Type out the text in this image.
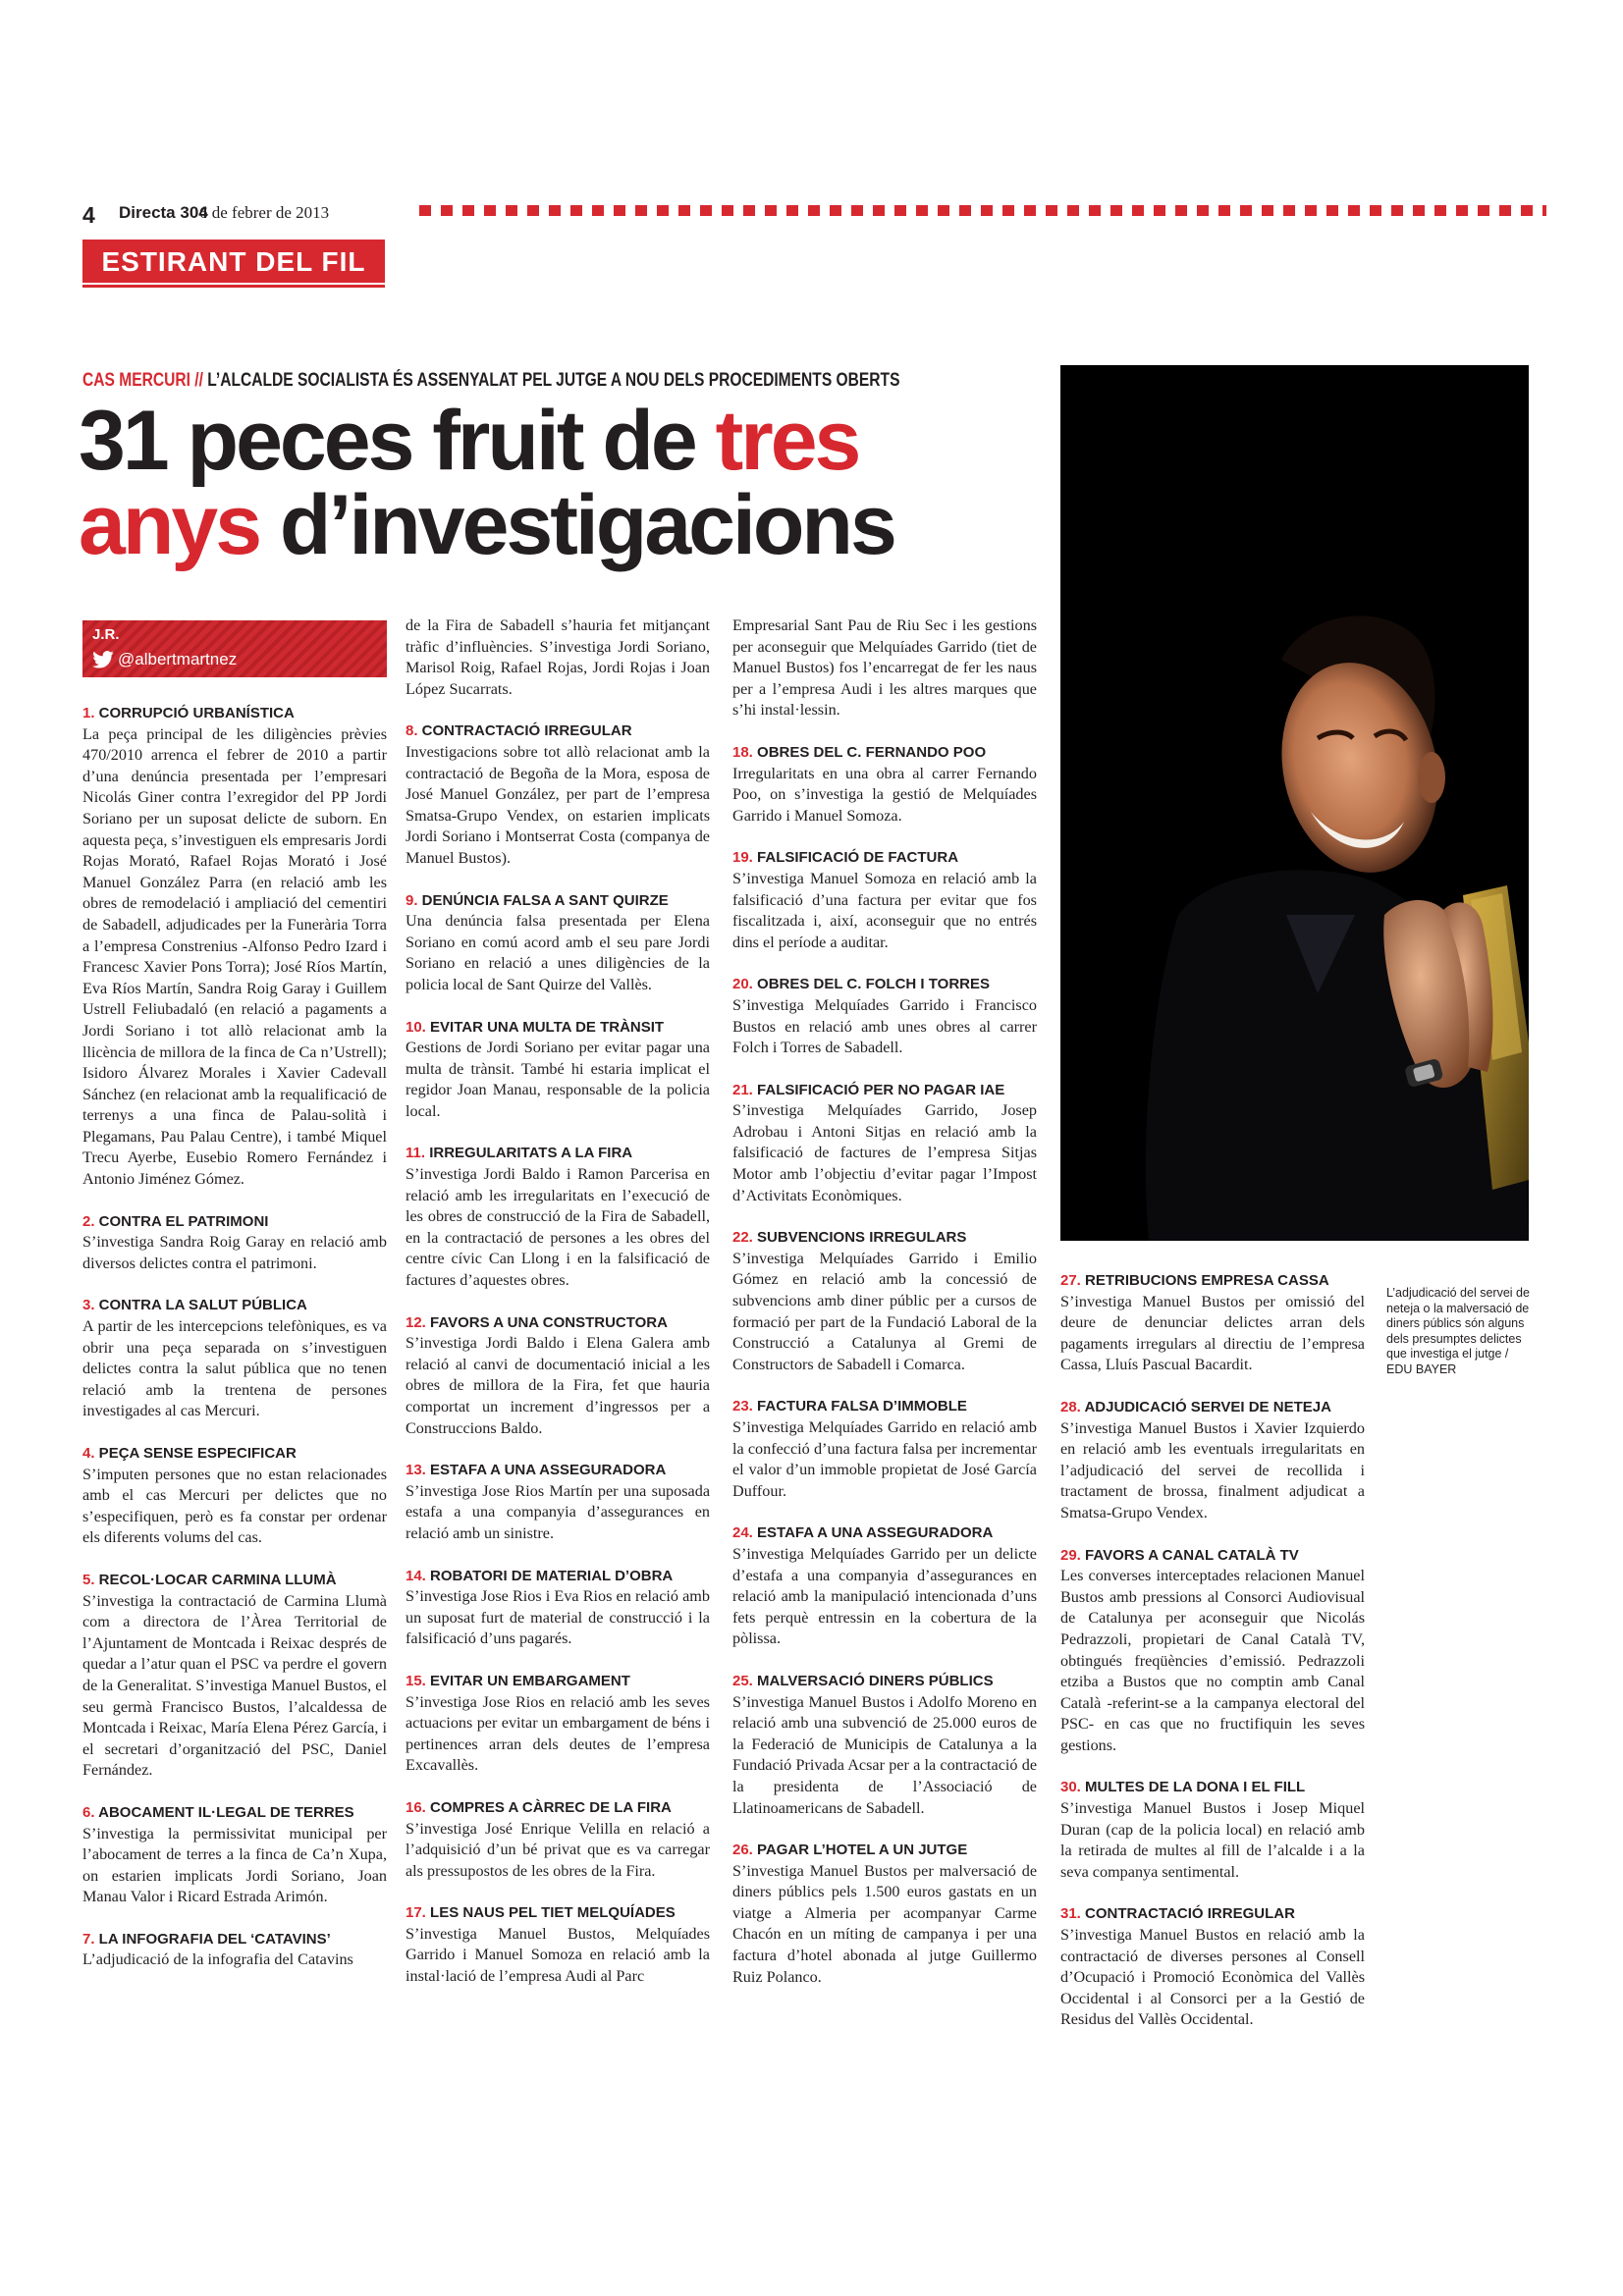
4 Directa 304
6 de febrer de 2013
ESTIRANT DEL FIL
CAS MERCURI // L’ALCALDE SOCIALISTA ÉS ASSENYALAT PEL JUTGE A NOU DELS PROCEDIMENTS OBERTS
31 peces fruit de tres
anys d’investigacions
J.R.
@albertmartnez
1. CORRUPCIÓ URBANÍSTICA

La peça principal de les diligències prèvies 470/2010 arrenca el febrer de 2010 a partir d’una denúncia presentada per l’empresari Nicolás Giner contra l’exregidor del PP Jordi Soriano per un suposat delicte de suborn. En aquesta peça, s’investiguen els empresaris Jordi Rojas Morató, Rafael Rojas Morató i José Manuel González Parra (en relació amb les obres de remodelació i ampliació del cementiri de Sabadell, adjudicades per la Funerària Torra a l’empresa Constrenius -Alfonso Pedro Izard i Francesc Xavier Pons Torra); José Ríos Martín, Eva Ríos Martín, Sandra Roig Garay i Guillem Ustrell Feliubadaló (en relació a pagaments a Jordi Soriano i tot allò relacionat amb la llicència de millora de la finca de Ca n’Ustrell); Isidoro Álvarez Morales i Xavier Cadevall Sánchez (en relacionat amb la requalificació de terrenys a una finca de Palau-solità i Plegamans, Pau Palau Centre), i també Miquel Trecu Ayerbe, Eusebio Romero Fernández i Antonio Jiménez Gómez.

2. CONTRA EL PATRIMONI

S’investiga Sandra Roig Garay en relació amb diversos delictes contra el patrimoni.

3. CONTRA LA SALUT PÚBLICA

A partir de les intercepcions telefòniques, es va obrir una peça separada on s’investiguen delictes contra la salut pública que no tenen relació amb la trentena de persones investigades al cas Mercuri.

4. PEÇA SENSE ESPECIFICAR

S’imputen persones que no estan relacionades amb el cas Mercuri per delictes que no s’especifiquen, però es fa constar per ordenar els diferents volums del cas.

5. RECOL·LOCAR CARMINA LLUMÀ

S’investiga la contractació de Carmina Llumà com a directora de l’Àrea Territorial de l’Ajuntament de Montcada i Reixac després de quedar a l’atur quan el PSC va perdre el govern de la Generalitat. S’investiga Manuel Bustos, el seu germà Francisco Bustos, l’alcaldessa de Montcada i Reixac, María Elena Pérez García, i el secretari d’organització del PSC, Daniel Fernández.

6. ABOCAMENT IL·LEGAL DE TERRES

S’investiga la permissivitat municipal per l’abocament de terres a la finca de Ca’n Xupa, on estarien implicats Jordi Soriano, Joan Manau Valor i Ricard Estrada Arimón.

7. LA INFOGRAFIA DEL ‘CATAVINS’

L’adjudicació de la infografia del Catavins

de la Fira de Sabadell s’hauria fet mitjançant tràfic d’influències. S’investiga Jordi Soriano, Marisol Roig, Rafael Rojas, Jordi Rojas i Joan López Sucarrats.

8. CONTRACTACIÓ IRREGULAR

Investigacions sobre tot allò relacionat amb la contractació de Begoña de la Mora, esposa de José Manuel González, per part de l’empresa Smatsa-Grupo Vendex, on estarien implicats Jordi Soriano i Montserrat Costa (companya de Manuel Bustos).

9. DENÚNCIA FALSA A SANT QUIRZE

Una denúncia falsa presentada per Elena Soriano en comú acord amb el seu pare Jordi Soriano en relació a unes diligències de la policia local de Sant Quirze del Vallès.

10. EVITAR UNA MULTA DE TRÀNSIT

Gestions de Jordi Soriano per evitar pagar una multa de trànsit. També hi estaria implicat el regidor Joan Manau, responsable de la policia local.

11. IRREGULARITATS A LA FIRA

S’investiga Jordi Baldo i Ramon Parcerisa en relació amb les irregularitats en l’execució de les obres de construcció de la Fira de Sabadell, en la contractació de persones a les obres del centre cívic Can Llong i en la falsificació de factures d’aquestes obres.

12. FAVORS A UNA CONSTRUCTORA

S’investiga Jordi Baldo i Elena Galera amb relació al canvi de documentació inicial a les obres de millora de la Fira, fet que hauria comportat un increment d’ingressos per a Construccions Baldo.

13. ESTAFA A UNA ASSEGURADORA

S’investiga Jose Rios Martín per una suposada estafa a una companyia d’assegurances en relació amb un sinistre.

14. ROBATORI DE MATERIAL D’OBRA

S’investiga Jose Rios i Eva Rios en relació amb un suposat furt de material de construcció i la falsificació d’uns pagarés.

15. EVITAR UN EMBARGAMENT

S’investiga Jose Rios en relació amb les seves actuacions per evitar un embargament de béns i pertinences arran dels deutes de l’empresa Excavallès.

16. COMPRES A CÀRREC DE LA FIRA

S’investiga José Enrique Velilla en relació a l’adquisició d’un bé privat que es va carregar als pressupostos de les obres de la Fira.

17. LES NAUS PEL TIET MELQUÍADES

S’investiga Manuel Bustos, Melquíades Garrido i Manuel Somoza en relació amb la instal·lació de l’empresa Audi al Parc

Empresarial Sant Pau de Riu Sec i les gestions per aconseguir que Melquíades Garrido (tiet de Manuel Bustos) fos l’encarregat de fer les naus per a l’empresa Audi i les altres marques que s’hi instal·lessin.

18. OBRES DEL C. FERNANDO POO

Irregularitats en una obra al carrer Fernando Poo, on s’investiga la gestió de Melquíades Garrido i Manuel Somoza.

19. FALSIFICACIÓ DE FACTURA

S’investiga Manuel Somoza en relació amb la falsificació d’una factura per evitar que fos fiscalitzada i, així, aconseguir que no entrés dins el període a auditar.

20. OBRES DEL C. FOLCH I TORRES

S’investiga Melquíades Garrido i Francisco Bustos en relació amb unes obres al carrer Folch i Torres de Sabadell.

21. FALSIFICACIÓ PER NO PAGAR IAE

S’investiga Melquíades Garrido, Josep Adrobau i Antoni Sitjas en relació amb la falsificació de factures de l’empresa Sitjas Motor amb l’objectiu d’evitar pagar l’Impost d’Activitats Econòmiques.

22. SUBVENCIONS IRREGULARS

S’investiga Melquíades Garrido i Emilio Gómez en relació amb la concessió de subvencions amb diner públic per a cursos de formació per part de la Fundació Laboral de la Construcció a Catalunya al Gremi de Constructors de Sabadell i Comarca.

23. FACTURA FALSA D’IMMOBLE

S’investiga Melquíades Garrido en relació amb la confecció d’una factura falsa per incrementar el valor d’un immoble propietat de José García Duffour.

24. ESTAFA A UNA ASSEGURADORA

S’investiga Melquíades Garrido per un delicte d’estafa a una companyia d’assegurances en relació amb la manipulació intencionada d’uns fets perquè entressin en la cobertura de la pòlissa.

25. MALVERSACIÓ DINERS PÚBLICS

S’investiga Manuel Bustos i Adolfo Moreno en relació amb una subvenció de 25.000 euros de la Federació de Municipis de Catalunya a la Fundació Privada Acsar per a la contractació de la presidenta de l’Associació de Llatinoamericans de Sabadell.

26. PAGAR L’HOTEL A UN JUTGE

S’investiga Manuel Bustos per malversació de diners públics pels 1.500 euros gastats en un viatge a Almeria per acompanyar Carme Chacón en un míting de campanya i per una factura d’hotel abonada al jutge Guillermo Ruiz Polanco.

L’adjudicació del servei de neteja o la malversació de diners públics són alguns dels presumptes delictes que investiga el jutge / EDU BAYER
27. RETRIBUCIONS EMPRESA CASSA

S’investiga Manuel Bustos per omissió del deure de denunciar delictes arran dels pagaments irregulars al directiu de l’empresa Cassa, Lluís Pascual Bacardit.

28. ADJUDICACIÓ SERVEI DE NETEJA

S’investiga Manuel Bustos i Xavier Izquierdo en relació amb les eventuals irregularitats en l’adjudicació del servei de recollida i tractament de brossa, finalment adjudicat a Smatsa-Grupo Vendex.

29. FAVORS A CANAL CATALÀ TV

Les converses interceptades relacionen Manuel Bustos amb pressions al Consorci Audiovisual de Catalunya per aconseguir que Nicolás Pedrazzoli, propietari de Canal Català TV, obtingués freqüències d’emissió. Pedrazzoli etziba a Bustos que no comptin amb Canal Català -referint-se a la campanya electoral del PSC- en cas que no fructifiquin les seves gestions.

30. MULTES DE LA DONA I EL FILL

S’investiga Manuel Bustos i Josep Miquel Duran (cap de la policia local) en relació amb la retirada de multes al fill de l’alcalde i a la seva companya sentimental.

31. CONTRACTACIÓ IRREGULAR

S’investiga Manuel Bustos en relació amb la contractació de diverses persones al Consell d’Ocupació i Promoció Econòmica del Vallès Occidental i al Consorci per a la Gestió de Residus del Vallès Occidental.
